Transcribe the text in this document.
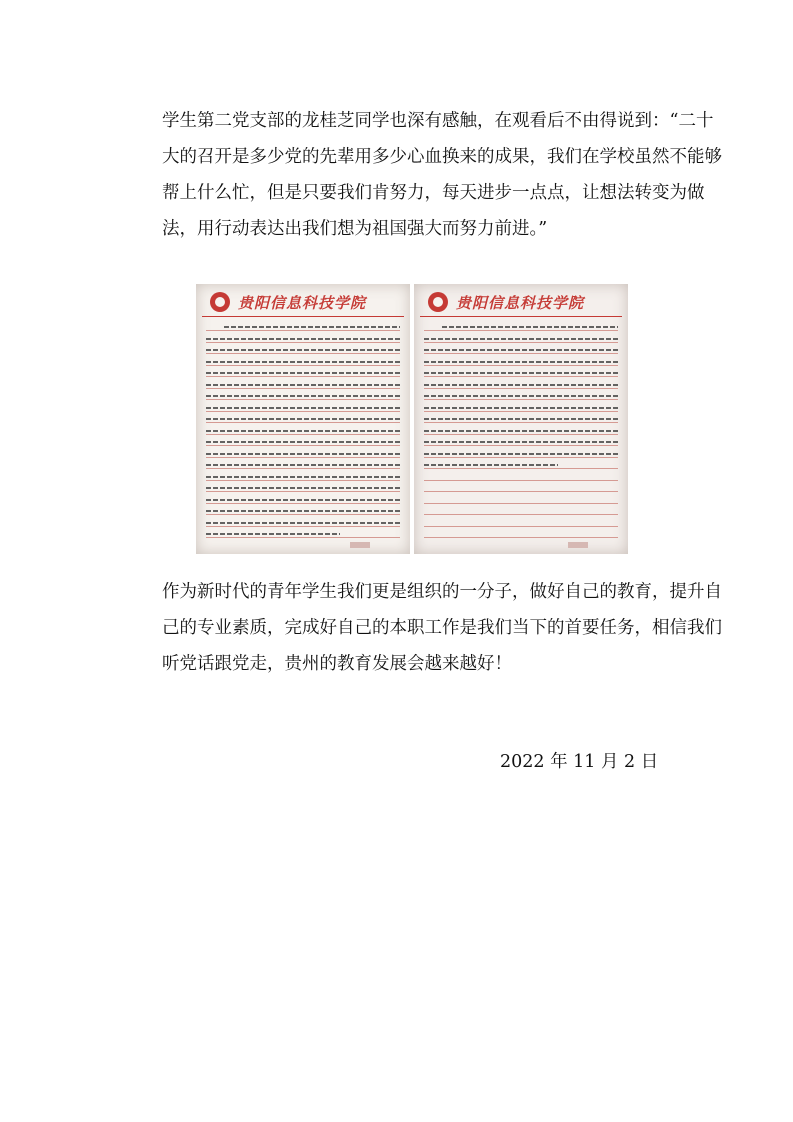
学生第二党支部的龙桂芝同学也深有感触，在观看后不由得说到：“二十大的召开是多少党的先辈用多少心血换来的成果，我们在学校虽然不能够帮上什么忙，但是只要我们肯努力，每天进步一点点，让想法转变为做法，用行动表达出我们想为祖国强大而努力前进。”

贵阳信息科技学院	贵阳信息科技学院

作为新时代的青年学生我们更是组织的一分子，做好自己的教育，提升自己的专业素质，完成好自己的本职工作是我们当下的首要任务，相信我们听党话跟党走，贵州的教育发展会越来越好！

2022 年 11 月 2 日
